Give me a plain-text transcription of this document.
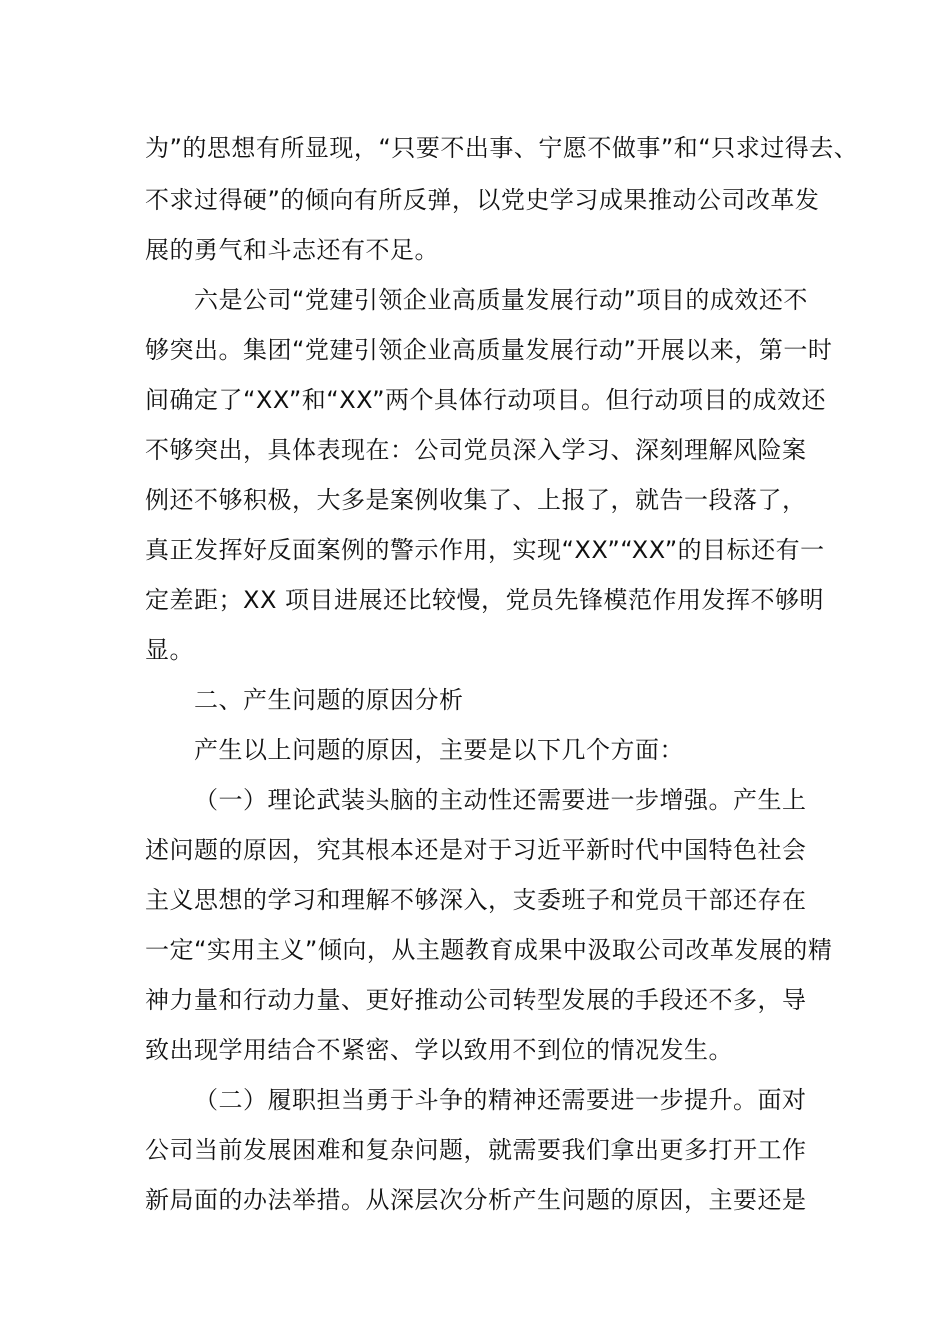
为”的思想有所显现，“只要不出事、宁愿不做事”和“只求过得去、

不求过得硬”的倾向有所反弹，以党史学习成果推动公司改革发

展的勇气和斗志还有不足。

六是公司“党建引领企业高质量发展行动”项目的成效还不

够突出。集团“党建引领企业高质量发展行动”开展以来，第一时

间确定了“XX”和“XX”两个具体行动项目。但行动项目的成效还

不够突出，具体表现在：公司党员深入学习、深刻理解风险案

例还不够积极，大多是案例收集了、上报了，就告一段落了，

真正发挥好反面案例的警示作用，实现“XX”“XX”的目标还有一

定差距；XX 项目进展还比较慢，党员先锋模范作用发挥不够明

显。

二、产生问题的原因分析

产生以上问题的原因，主要是以下几个方面：

（一）理论武装头脑的主动性还需要进一步增强。产生上

述问题的原因，究其根本还是对于习近平新时代中国特色社会

主义思想的学习和理解不够深入，支委班子和党员干部还存在

一定“实用主义”倾向，从主题教育成果中汲取公司改革发展的精

神力量和行动力量、更好推动公司转型发展的手段还不多，导

致出现学用结合不紧密、学以致用不到位的情况发生。

（二）履职担当勇于斗争的精神还需要进一步提升。面对

公司当前发展困难和复杂问题，就需要我们拿出更多打开工作

新局面的办法举措。从深层次分析产生问题的原因，主要还是
